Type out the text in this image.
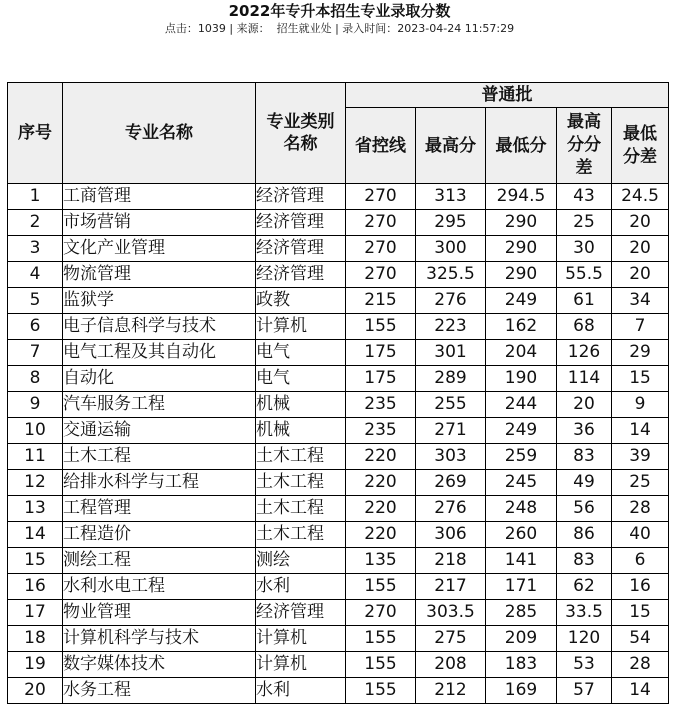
2022年专升本招生专业录取分数
点击：1039 | 来源：  招生就业处 | 录入时间：2023-04-24 11:57:29
序号	专业名称	专业类别名称	普通批				
			省控线	最高分	最低分	最高分分差	最低分差
1	工商管理	经济管理	270	313	294.5	43	24.5
2	市场营销	经济管理	270	295	290	25	20
3	文化产业管理	经济管理	270	300	290	30	20
4	物流管理	经济管理	270	325.5	290	55.5	20
5	监狱学	政教	215	276	249	61	34
6	电子信息科学与技术	计算机	155	223	162	68	7
7	电气工程及其自动化	电气	175	301	204	126	29
8	自动化	电气	175	289	190	114	15
9	汽车服务工程	机械	235	255	244	20	9
10	交通运输	机械	235	271	249	36	14
11	土木工程	土木工程	220	303	259	83	39
12	给排水科学与工程	土木工程	220	269	245	49	25
13	工程管理	土木工程	220	276	248	56	28
14	工程造价	土木工程	220	306	260	86	40
15	测绘工程	测绘	135	218	141	83	6
16	水利水电工程	水利	155	217	171	62	16
17	物业管理	经济管理	270	303.5	285	33.5	15
18	计算机科学与技术	计算机	155	275	209	120	54
19	数字媒体技术	计算机	155	208	183	53	28
20	水务工程	水利	155	212	169	57	14
